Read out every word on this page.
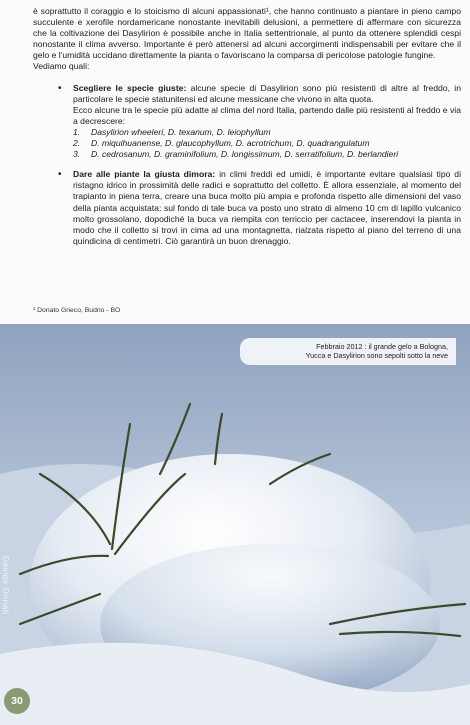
è soprattutto il coraggio e lo stoicismo di alcuni appassionati¹, che hanno continuato a piantare in pieno campo succulente e xerofile nordamericane nonostante inevitabili delusioni, a permettere di affermare con sicurezza che la coltivazione dei Dasylirion è possibile anche in Italia settentrionale, al punto da ottenere splendidi cespi nonostante il clima avverso. Importante è però attenersi ad alcuni accorgimenti indispensabili per evitare che il gelo e l'umidità uccidano direttamente la pianta o favoriscano la comparsa di pericolose patologie fungine.

Vediamo quali:

• Scegliere le specie giuste: alcune specie di Dasylirion sono più resistenti di altre al freddo, in particolare le specie statunitensi ed alcune messicane che vivono in alta quota.

Ecco alcune tra le specie più adatte al clima del nord Italia, partendo dalle più resistenti al freddo e via a decrescere:

1. Dasylirion wheeleri, D. texanum, D. leiophyllum
2. D. miquihuanense, D. glaucophyllum, D. acrotrichum, D. quadrangulatum
3. D. cedrosanum, D. graminifolium, D. longissimum, D. serratifolium, D. berlandieri
• Dare alle piante la giusta dimora: in climi freddi ed umidi, è importante evitare qualsiasi tipo di ristagno idrico in prossimità delle radici e soprattutto del colletto. È allora essenziale, al momento del trapianto in piena terra, creare una buca molto più ampia e profonda rispetto alle dimensioni del vaso della pianta acquistata: sul fondo di tale buca va posto uno strato di almeno 10 cm di lapillo vulcanico molto grossolano, dopodiché la buca va riempita con terriccio per cactacee, inserendovi la pianta in modo che il colletto si trovi in cima ad una montagnetta, rialzata rispetto al piano del terreno di una quindicina di centimetri. Ciò garantirà un buon drenaggio.

¹ Donato Grieco, Budrio - BO
Febbraio 2012 : il grande gelo a Bologna,
Yucca e Dasylirion sono sepolti sotto la neve
Davide Donati
30
